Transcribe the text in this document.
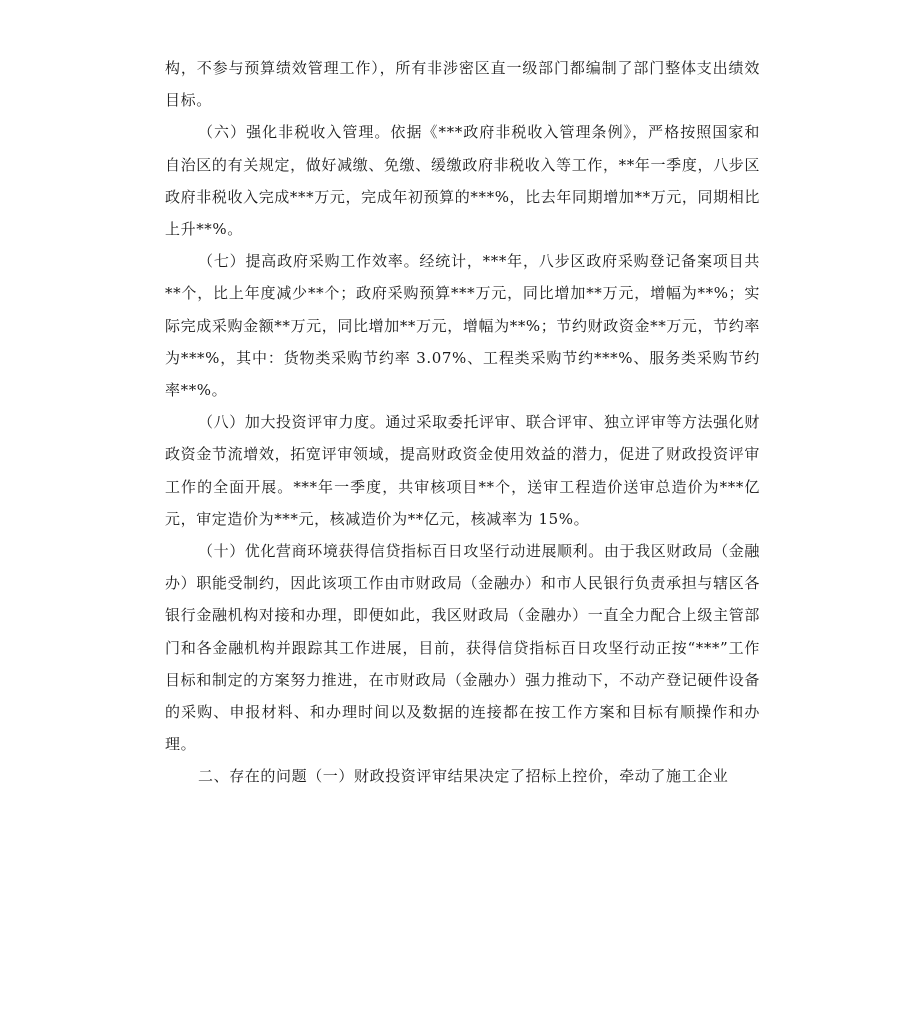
构，不参与预算绩效管理工作），所有非涉密区直一级部门都编制了部门整体支出绩效目标。

（六）强化非税收入管理。依据《***政府非税收入管理条例》，严格按照国家和自治区的有关规定，做好减缴、免缴、缓缴政府非税收入等工作，**年一季度，八步区政府非税收入完成***万元，完成年初预算的***%，比去年同期增加**万元，同期相比上升**%。

（七）提高政府采购工作效率。经统计，***年，八步区政府采购登记备案项目共**个，比上年度减少**个；政府采购预算***万元，同比增加**万元，增幅为**%；实际完成采购金额**万元，同比增加**万元，增幅为**%；节约财政资金**万元，节约率为***%，其中：货物类采购节约率 3.07%、工程类采购节约***%、服务类采购节约率**%。

（八）加大投资评审力度。通过采取委托评审、联合评审、独立评审等方法强化财政资金节流增效，拓宽评审领域，提高财政资金使用效益的潜力，促进了财政投资评审工作的全面开展。***年一季度，共审核项目**个，送审工程造价送审总造价为***亿元，审定造价为***元，核减造价为**亿元，核减率为 15%。

（十）优化营商环境获得信贷指标百日攻坚行动进展顺利。由于我区财政局（金融办）职能受制约，因此该项工作由市财政局（金融办）和市人民银行负责承担与辖区各银行金融机构对接和办理，即便如此，我区财政局（金融办）一直全力配合上级主管部门和各金融机构并跟踪其工作进展，目前，获得信贷指标百日攻坚行动正按“***”工作目标和制定的方案努力推进，在市财政局（金融办）强力推动下，不动产登记硬件设备的采购、申报材料、和办理时间以及数据的连接都在按工作方案和目标有顺操作和办理。

二、存在的问题（一）财政投资评审结果决定了招标上控价，牵动了施工企业
